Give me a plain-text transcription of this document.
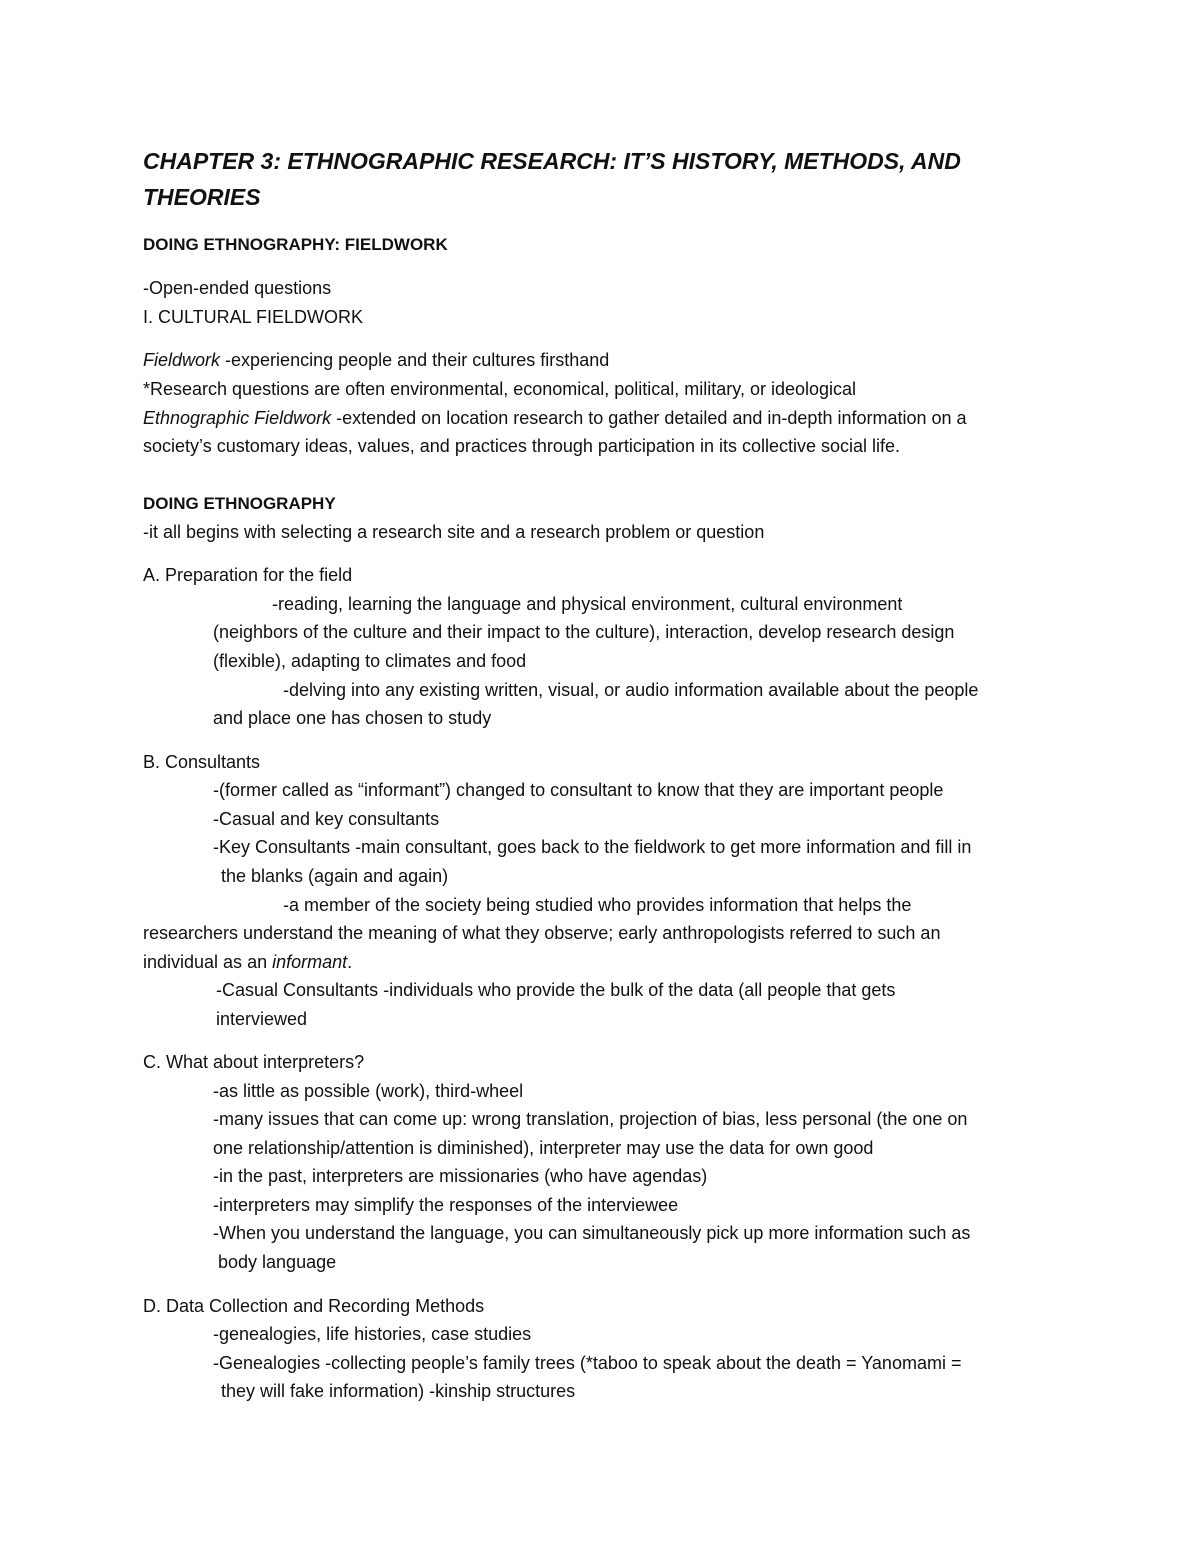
CHAPTER 3: ETHNOGRAPHIC RESEARCH: IT’S HISTORY, METHODS, AND
THEORIES
DOING ETHNOGRAPHY: FIELDWORK
-Open-ended questions
I. CULTURAL FIELDWORK
Fieldwork -experiencing people and their cultures firsthand
*Research questions are often environmental, economical, political, military, or ideological
Ethnographic Fieldwork -extended on location research to gather detailed and in-depth information on a
society’s customary ideas, values, and practices through participation in its collective social life.
DOING ETHNOGRAPHY
-it all begins with selecting a research site and a research problem or question
A. Preparation for the field
-reading, learning the language and physical environment, cultural environment
(neighbors of the culture and their impact to the culture), interaction, develop research design
(flexible), adapting to climates and food
-delving into any existing written, visual, or audio information available about the people
and place one has chosen to study
B. Consultants
-(former called as “informant”) changed to consultant to know that they are important people
-Casual and key consultants
-Key Consultants -main consultant, goes back to the fieldwork to get more information and fill in
the blanks (again and again)
-a member of the society being studied who provides information that helps the
researchers understand the meaning of what they observe; early anthropologists referred to such an
individual as an informant.
-Casual Consultants -individuals who provide the bulk of the data (all people that gets
interviewed
C. What about interpreters?
-as little as possible (work), third-wheel
-many issues that can come up: wrong translation, projection of bias, less personal (the one on
one relationship/attention is diminished), interpreter may use the data for own good
-in the past, interpreters are missionaries (who have agendas)
-interpreters may simplify the responses of the interviewee
-When you understand the language, you can simultaneously pick up more information such as
body language
D. Data Collection and Recording Methods
-genealogies, life histories, case studies
-Genealogies -collecting people’s family trees (*taboo to speak about the death = Yanomami =
they will fake information) -kinship structures
